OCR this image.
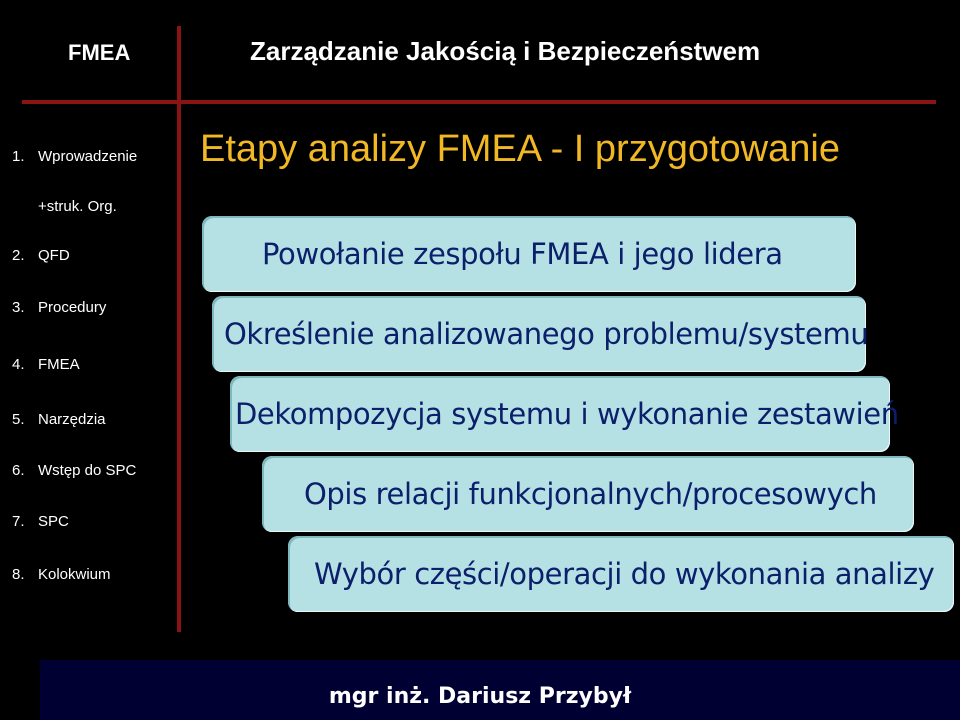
FMEA	Zarządzanie Jakością i Bezpieczeństwem
Etapy analizy FMEA - I przygotowanie
1. Wprowadzenie
+struk. Org.
2. QFD
3. Procedury
4. FMEA
5. Narzędzia
6. Wstęp do SPC
7. SPC
8. Kolokwium
Powołanie zespołu FMEA i jego lidera
Określenie analizowanego problemu/systemu
Dekompozycja systemu i wykonanie zestawień
Opis relacji funkcjonalnych/procesowych
Wybór części/operacji do wykonania analizy
mgr inż. Dariusz Przybył
